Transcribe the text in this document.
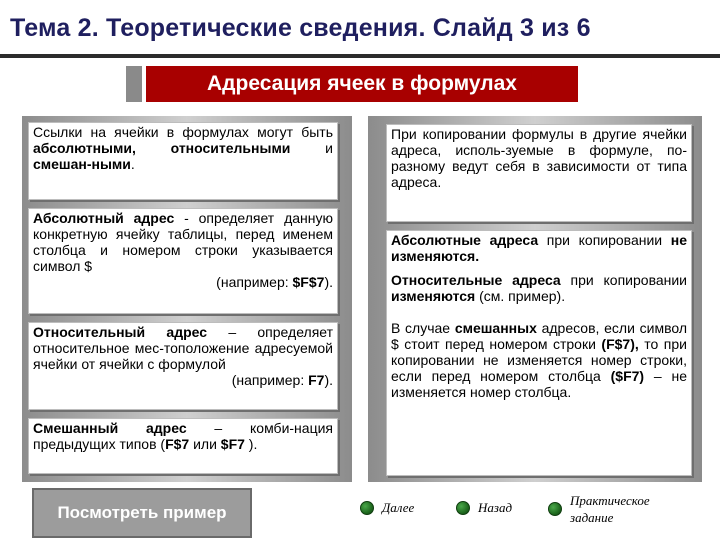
Тема 2. Теоретические сведения. Слайд 3 из 6
Адресация ячеек в формулах

Ссылки на ячейки в формулах могут быть абсолютными, относительными и смешан-ными.

Абсолютный адрес - определяет данную конкретную ячейку таблицы, перед именем столбца и номером строки указывается символ $

(например: $F$7).

Относительный адрес – определяет относительное мес-тоположение адресуемой ячейки от ячейки с формулой

(например: F7).

Смешанный адрес – комби-нация предыдущих типов (F$7 или $F7 ).

При копировании формулы в другие ячейки адреса, исполь-зуемые в формуле, по-разному ведут себя в зависимости от типа адреса.

Абсолютные адреса при копировании не изменяются.

Относительные адреса при копировании изменяются (см. пример).

В случае смешанных адресов, если символ $ стоит перед номером строки (F$7), то при копировании не изменяется номер строки, если перед номером столбца ($F7) – не изменяется номер столбца.

Посмотреть пример	Далее	Назад	Практическое
задание
